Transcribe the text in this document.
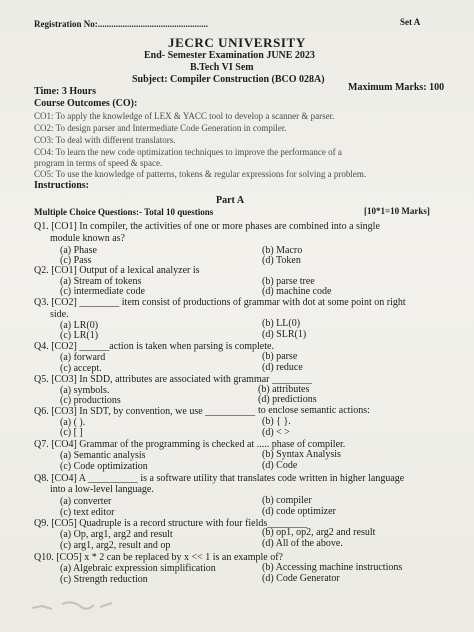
Registration No:.................................................	Set A
JECRC UNIVERSITY
End- Semester Examination JUNE 2023
B.Tech VI Sem
Subject: Compiler Construction (BCO 028A)
Maximum Marks: 100
Time: 3 Hours
Course Outcomes (CO):
CO1: To apply the knowledge of LEX & YACC tool to develop a scanner & parser.
CO2: To design parser and Intermediate Code Generation in compiler.
CO3: To deal with different translators.
CO4: To learn the new code optimization techniques to improve the performance of a
program in terms of speed & space.
CO5: To use the knowledge of patterns, tokens & regular expressions for solving a problem.
Instructions:
Part A
Multiple Choice Questions:- Total 10 questions	[10*1=10 Marks]
Q1. [CO1] In compiler, the activities of one or more phases are combined into a single
module known as?
(a) Phase	(b) Macro
(c) Pass	(d) Token
Q2. [CO1] Output of a lexical analyzer is
(a) Stream of tokens	(b) parse tree
(c) intermediate code	(d) machine code
Q3. [CO2] ________ item consist of productions of grammar with dot at some point on right
side.
(a) LR(0)	(b) LL(0)
(c) LR(1)	(d) SLR(1)
Q4. [CO2] ______action is taken when parsing is complete.
(a) forward	(b) parse
(c) accept.	(d) reduce
Q5. [CO3] In SDD, attributes are associated with grammar ________
(a) symbols.	(b) attributes
(c) productions	(d) predictions
Q6. [CO3] In SDT, by convention, we use __________ to enclose semantic actions:
(a) ( ).	(b) { }.
(c) [ ]	(d) < >
Q7. [CO4] Grammar of the programming is checked at ..... phase of compiler.
(a) Semantic analysis	(b) Syntax Analysis
(c) Code optimization	(d) Code
Q8. [CO4] A __________ is a software utility that translates code written in higher language
into a low-level language.
(a) converter	(b) compiler
(c) text editor	(d) code optimizer
Q9. [CO5] Quadruple is a record structure with four fields________
(a) Op, arg1, arg2 and result	(b) op1, op2, arg2 and result
(c) arg1, arg2, result and op	(d) All of the above.
Q10. [CO5] x * 2 can be replaced by x << 1 is an example of?
(a) Algebraic expression simplification	(b) Accessing machine instructions
(c) Strength reduction	(d) Code Generator
